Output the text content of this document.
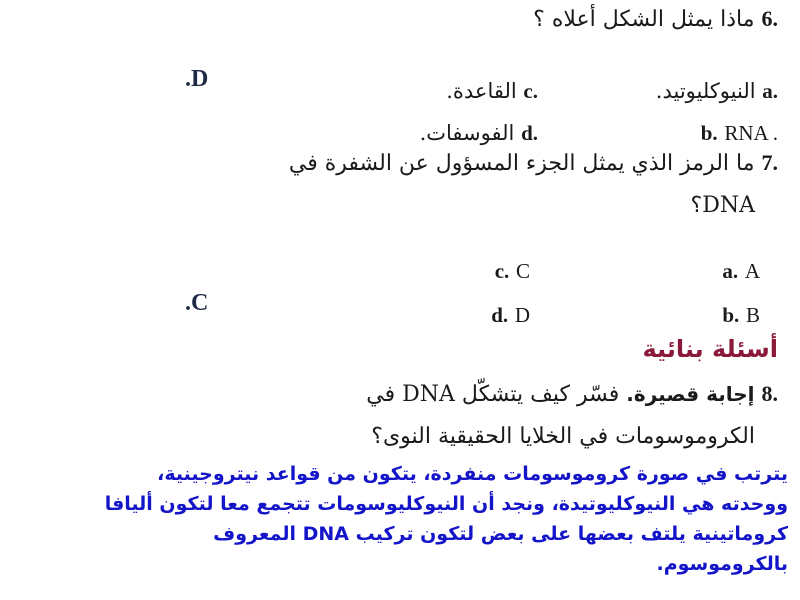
.6 ماذا يمثل الشكل أعلاه ؟
.D	a. النيوكليوتيد.
c. القاعدة.
b. RNA .
d. الفوسفات.
.7 ما الرمز الذي يمثل الجزء المسؤول عن الشفرة في
DNA؟
.C
a. A
c. C
b. B
d. D
أسئلة بنائية
.8 إجابة قصيرة. فسّر كيف يتشكّل DNA في
الكروموسومات في الخلايا الحقيقية النوى؟
يترتب في صورة كروموسومات منفردة، يتكون من قواعد نيتروجينية،
ووحدته هي النيوكليوتيدة، ونجد أن النيوكليوسومات تتجمع معا لتكون أليافا
كروماتينية يلتف بعضها على بعض لتكون تركيب DNA المعروف
بالكروموسوم.
